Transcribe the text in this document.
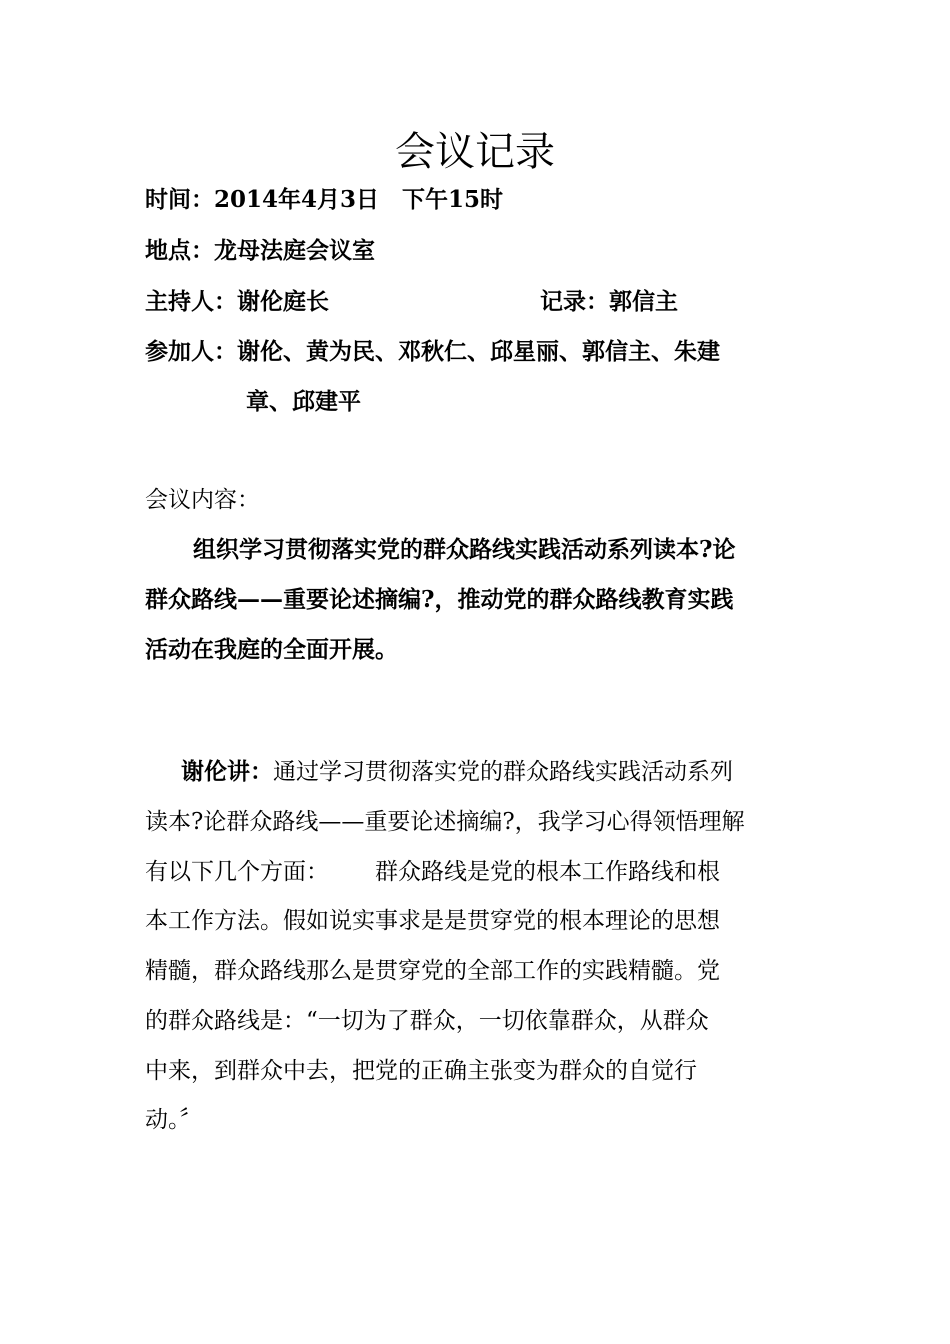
会议记录
时间：2014年4月3日　下午15时
地点：龙母法庭会议室
主持人：谢伦庭长	记录：郭信主
参加人：谢伦、黄为民、邓秋仁、邱星丽、郭信主、朱建
章、邱建平
会议内容：
　组织学习贯彻落实党的群众路线实践活动系列读本?论
群众路线——重要论述摘编?，推动党的群众路线教育实践
活动在我庭的全面开展。
谢伦讲：通过学习贯彻落实党的群众路线实践活动系列
读本?论群众路线——重要论述摘编?，我学习心得领悟理解
有以下几个方面： 群众路线是党的根本工作路线和根
本工作方法。假如说实事求是是贯穿党的根本理论的思想
精髓，群众路线那么是贯穿党的全部工作的实践精髓。党
的群众路线是：“一切为了群众，一切依靠群众，从群众
中来，到群众中去，把党的正确主张变为群众的自觉行
动。〞
